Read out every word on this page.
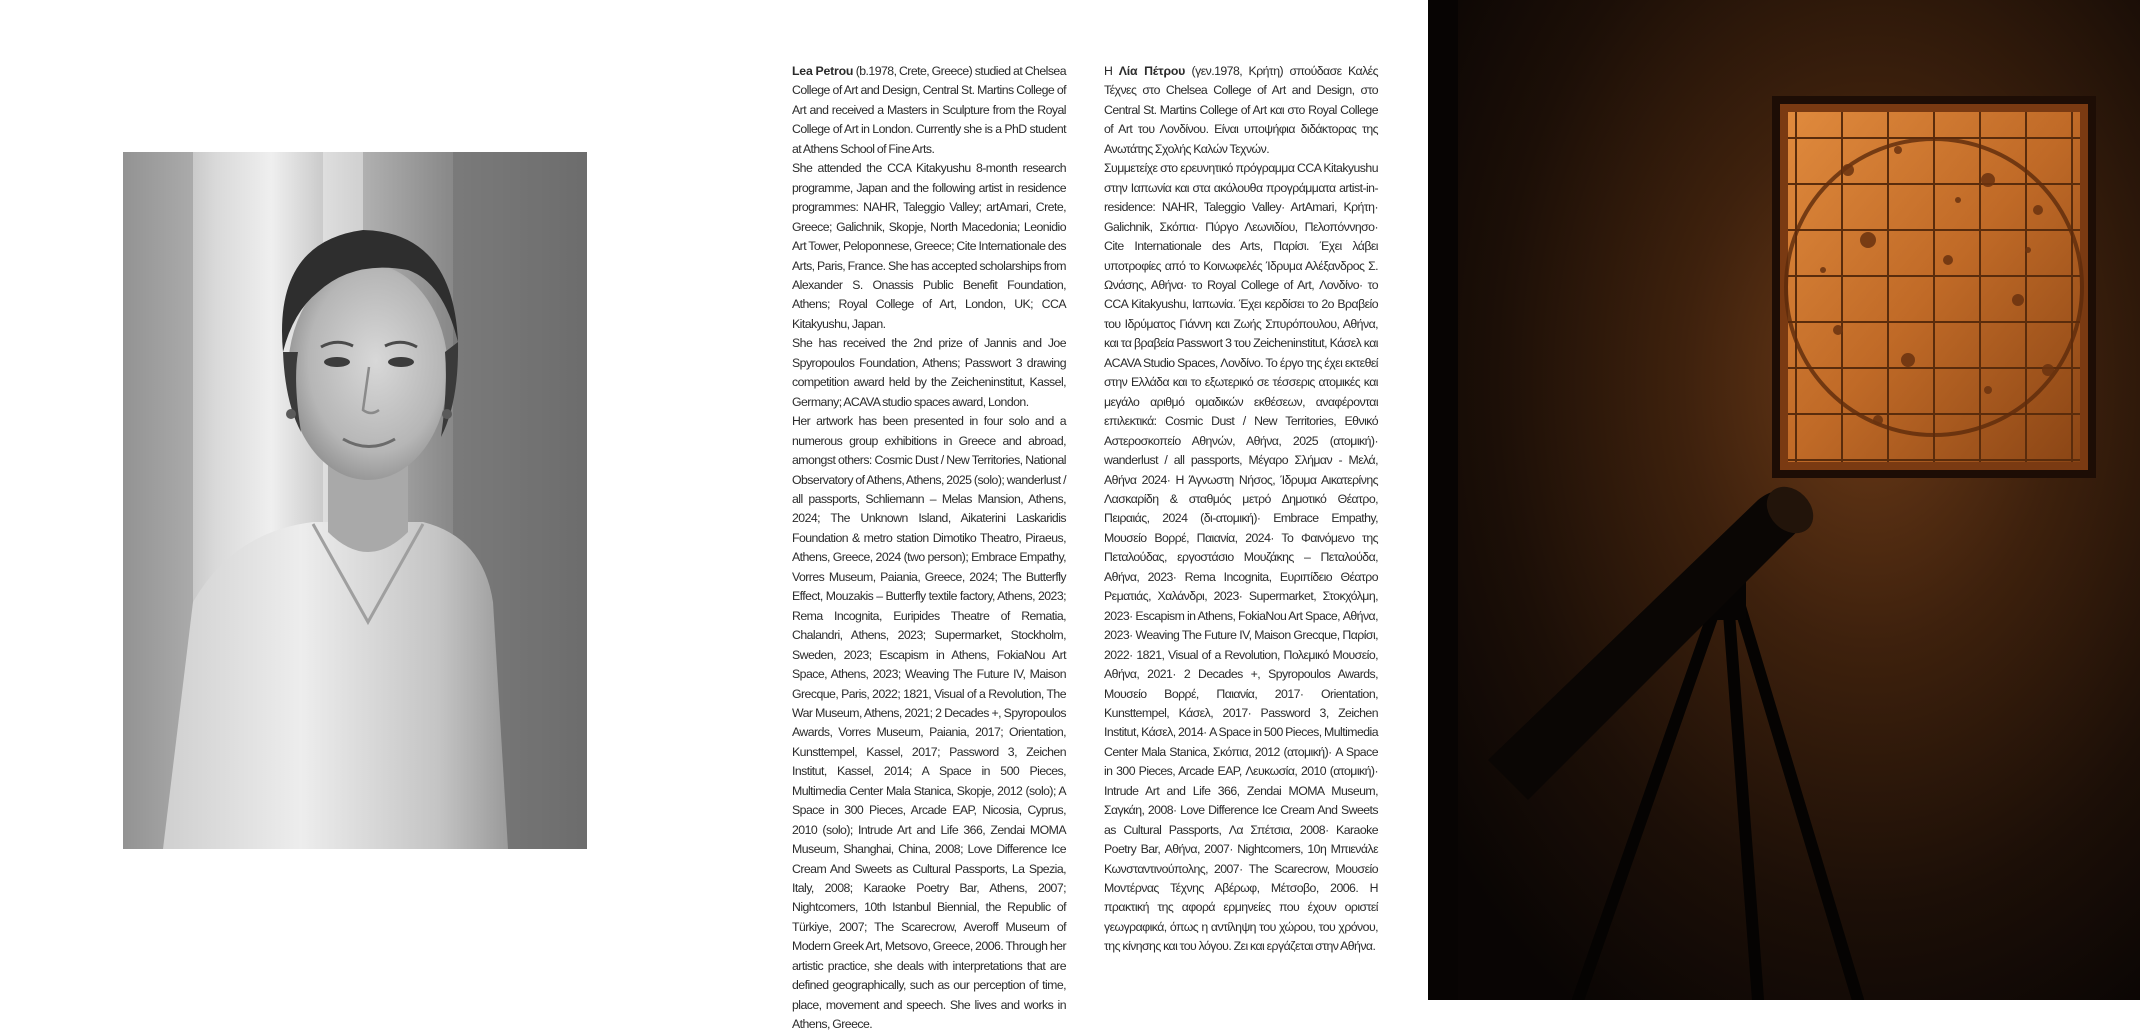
Lea Petrou (b.1978, Crete, Greece) studied at Chelsea College of Art and Design, Central St. Martins College of Art and received a Masters in Sculpture from the Royal College of Art in London. Currently she is a PhD student at Athens School of Fine Arts.

She attended the CCA Kitakyushu 8-month research programme, Japan and the following artist in residence programmes: NAHR, Taleggio Valley; artAmari, Crete, Greece; Galichnik, Skopje, North Macedonia; Leonidio Art Tower, Peloponnese, Greece; Cite Internationale des Arts, Paris, France. She has accepted scholarships from Alexander S. Onassis Public Benefit Foundation, Athens; Royal College of Art, London, UK; CCA Kitakyushu, Japan.

She has received the 2nd prize of Jannis and Joe Spyropoulos Foundation, Athens; Passwort 3 drawing competition award held by the Zeicheninstitut, Kassel, Germany; ACAVA studio spaces award, London.

Her artwork has been presented in four solo and a numerous group exhibitions in Greece and abroad, amongst others: Cosmic Dust / New Territories, National Observatory of Athens, Athens, 2025 (solo); wanderlust / all passports, Schliemann – Melas Mansion, Athens, 2024; The Unknown Island, Aikaterini Laskaridis Foundation & metro station Dimotiko Theatro, Piraeus, Athens, Greece, 2024 (two person); Embrace Empathy, Vorres Museum, Paiania, Greece, 2024; The Butterfly Effect, Mouzakis – Butterfly textile factory, Athens, 2023; Rema Incognita, Euripides Theatre of Rematia, Chalandri, Athens, 2023; Supermarket, Stockholm, Sweden, 2023; Escapism in Athens, FokiaNou Art Space, Athens, 2023; Weaving The Future IV, Maison Grecque, Paris, 2022; 1821, Visual of a Revolution, The War Museum, Athens, 2021; 2 Decades +, Spyropoulos Awards, Vorres Museum, Paiania, 2017; Orientation, Kunsttempel, Kassel, 2017; Password 3, Zeichen Institut, Kassel, 2014; A Space in 500 Pieces, Multimedia Center Mala Stanica, Skopje, 2012 (solo); A Space in 300 Pieces, Arcade EAP, Nicosia, Cyprus, 2010 (solo); Intrude Art and Life 366, Zendai MOMA Museum, Shanghai, China, 2008; Love Difference Ice Cream And Sweets as Cultural Passports, La Spezia, Italy, 2008; Karaoke Poetry Bar, Athens, 2007; Nightcomers, 10th Istanbul Biennial, the Republic of Türkiye, 2007; The Scarecrow, Averoff Museum of Modern Greek Art, Metsovo, Greece, 2006. Through her artistic practice, she deals with interpretations that are defined geographically, such as our perception of time, place, movement and speech. She lives and works in Athens, Greece.

Η Λία Πέτρου (γεν.1978, Κρήτη) σπούδασε Καλές Τέχνες στο Chelsea College of Art and Design, στο Central St. Martins College of Art και στο Royal College of Art του Λονδίνου. Είναι υποψήφια διδάκτορας της Ανωτάτης Σχολής Καλών Τεχνών.

Συμμετείχε στο ερευνητικό πρόγραμμα CCA Kitakyushu στην Ιαπωνία και στα ακόλουθα προγράμματα artist-in-residence: NAHR, Taleggio Valley· ArtAmari, Κρήτη· Galichnik, Σκόπια· Πύργο Λεωνιδίου, Πελοπόννησο· Cite Internationale des Arts, Παρίσι. Έχει λάβει υποτροφίες από το Κοινωφελές Ίδρυμα Αλέξανδρος Σ. Ωνάσης, Αθήνα· το Royal College of Art, Λονδίνο· το CCA Kitakyushu, Ιαπωνία. Έχει κερδίσει το 2ο Βραβείο του Ιδρύματος Γιάννη και Ζωής Σπυρόπουλου, Αθήνα, και τα βραβεία Passwort 3 του Zeicheninstitut, Κάσελ και ACAVA Studio Spaces, Λονδίνο. Το έργο της έχει εκτεθεί στην Ελλάδα και το εξωτερικό σε τέσσερις ατομικές και μεγάλο αριθμό ομαδικών εκθέσεων, αναφέρονται επιλεκτικά: Cosmic Dust / New Territories, Εθνικό Αστεροσκοπείο Αθηνών, Αθήνα, 2025 (ατομική)· wanderlust / all passports, Μέγαρο Σλήμαν - Μελά, Αθήνα 2024· Η Άγνωστη Νήσος, Ίδρυμα Αικατερίνης Λασκαρίδη & σταθμός μετρό Δημοτικό Θέατρο, Πειραιάς, 2024 (δι-ατομική)· Embrace Empathy, Μουσείο Βορρέ, Παιανία, 2024· Το Φαινόμενο της Πεταλούδας, εργοστάσιο Μουζάκης – Πεταλούδα, Αθήνα, 2023· Rema Incognita, Ευριπίδειο Θέατρο Ρεματιάς, Χαλάνδρι, 2023· Supermarket, Στοκχόλμη, 2023· Escapism in Athens, FokiaNou Art Space, Αθήνα, 2023· Weaving The Future IV, Maison Grecque, Παρίσι, 2022· 1821, Visual of a Revolution, Πολεμικό Μουσείο, Αθήνα, 2021· 2 Decades +, Spyropoulos Awards, Μουσείο Βορρέ, Παιανία, 2017· Orientation, Kunsttempel, Κάσελ, 2017· Password 3, Zeichen Institut, Κάσελ, 2014· A Space in 500 Pieces, Multimedia Center Mala Stanica, Σκόπια, 2012 (ατομική)· A Space in 300 Pieces, Arcade EAP, Λευκωσία, 2010 (ατομική)· Intrude Art and Life 366, Zendai MOMA Museum, Σαγκάη, 2008· Love Difference Ice Cream And Sweets as Cultural Passports, Λα Σπέτσια, 2008· Karaoke Poetry Bar, Αθήνα, 2007· Nightcomers, 10η Μπιενάλε Κωνσταντινούπολης, 2007· The Scarecrow, Μουσείο Μοντέρνας Τέχνης Αβέρωφ, Μέτσοβο, 2006. Η πρακτική της αφορά ερμηνείες που έχουν οριστεί γεωγραφικά, όπως η αντίληψη του χώρου, του χρόνου, της κίνησης και του λόγου. Ζει και εργάζεται στην Αθήνα.
